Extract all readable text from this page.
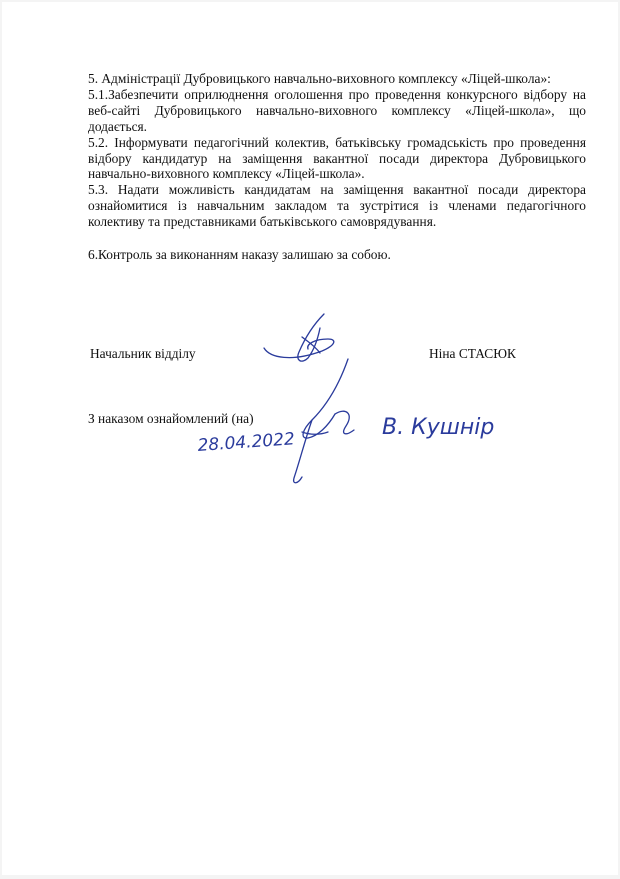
5. Адміністрації Дубровицького навчально-виховного комплексу «Ліцей-школа»:

5.1.Забезпечити оприлюднення оголошення про проведення конкурсного відбору на веб-сайті Дубровицького навчально-виховного комплексу «Ліцей-школа», що додається.

5.2. Інформувати педагогічний колектив, батьківську громадськість про проведення відбору кандидатур на заміщення вакантної посади директора Дубровицького навчально-виховного комплексу «Ліцей-школа».

5.3. Надати можливість кандидатам на заміщення вакантної посади директора ознайомитися із навчальним закладом та зустрітися із членами педагогічного колективу та представниками батьківського самоврядування.

6.Контроль за виконанням наказу залишаю за собою.

Начальник відділу	Ніна СТАСЮК
З наказом ознайомлений (на)	В. Кушнір
28.04.2022
